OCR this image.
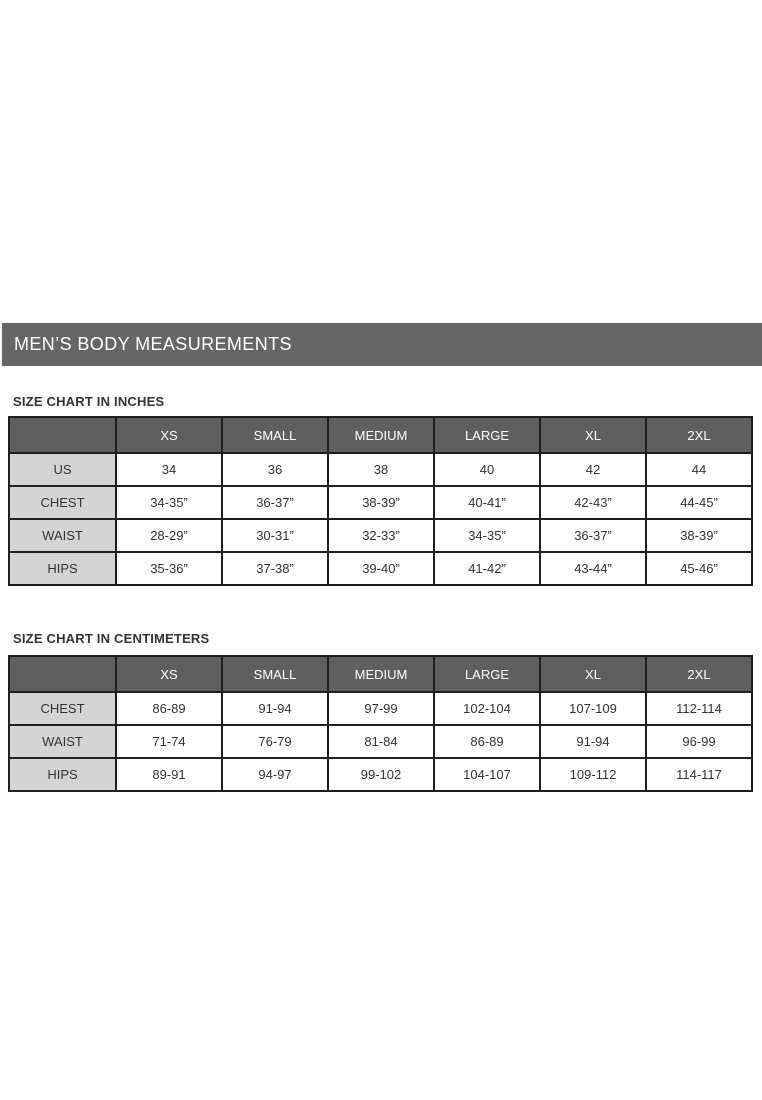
MEN’S BODY MEASUREMENTS
SIZE CHART IN INCHES
	XS	SMALL	MEDIUM	LARGE	XL	2XL
US	34	36	38	40	42	44
CHEST	34-35”	36-37”	38-39”	40-41”	42-43”	44-45”
WAIST	28-29”	30-31”	32-33”	34-35”	36-37”	38-39”
HIPS	35-36”	37-38”	39-40”	41-42”	43-44”	45-46”
SIZE CHART IN CENTIMETERS
	XS	SMALL	MEDIUM	LARGE	XL	2XL
CHEST	86-89	91-94	97-99	102-104	107-109	112-114
WAIST	71-74	76-79	81-84	86-89	91-94	96-99
HIPS	89-91	94-97	99-102	104-107	109-112	114-117
